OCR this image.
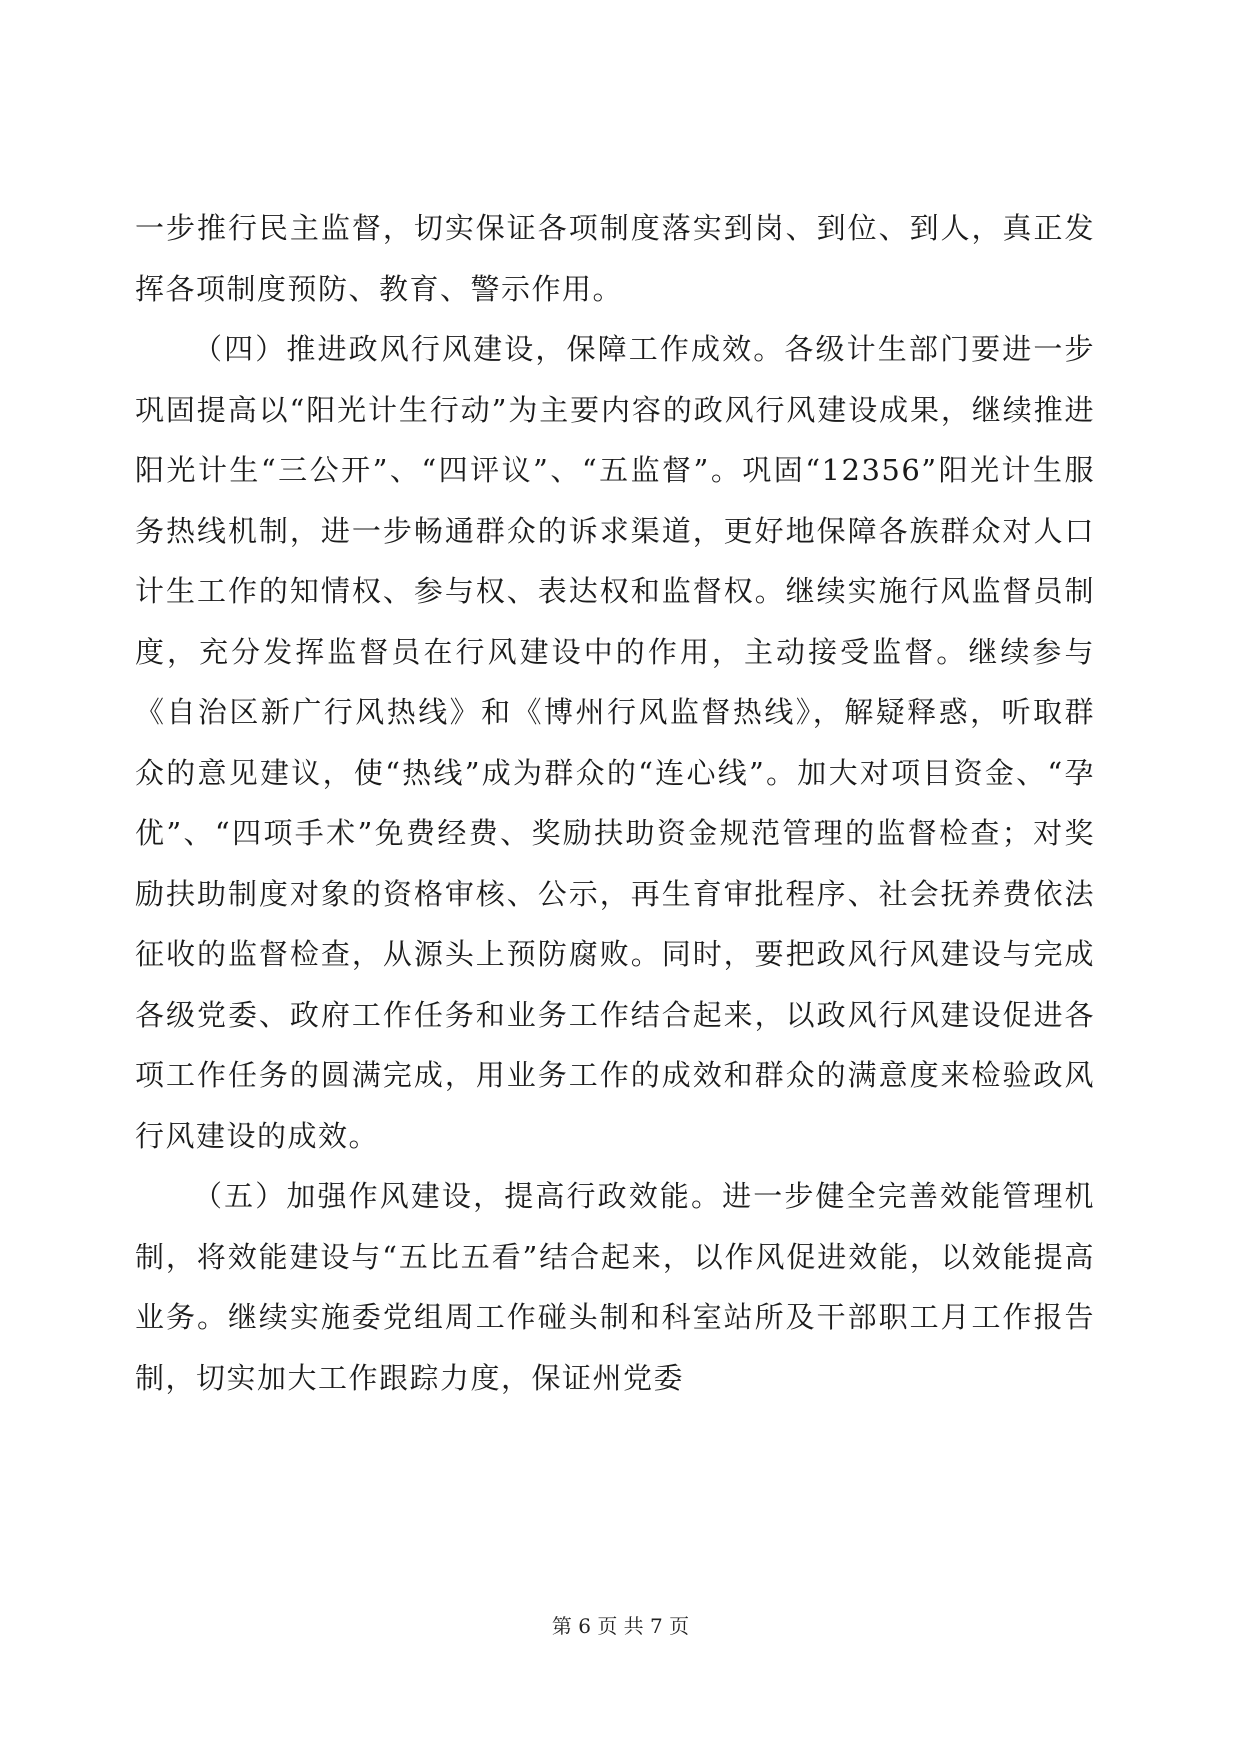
一步推行民主监督，切实保证各项制度落实到岗、到位、到人，真正发挥各项制度预防、教育、警示作用。

（四）推进政风行风建设，保障工作成效。各级计生部门要进一步巩固提高以“阳光计生行动”为主要内容的政风行风建设成果，继续推进阳光计生“三公开”、“四评议”、“五监督”。巩固“12356”阳光计生服务热线机制，进一步畅通群众的诉求渠道，更好地保障各族群众对人口计生工作的知情权、参与权、表达权和监督权。继续实施行风监督员制度，充分发挥监督员在行风建设中的作用，主动接受监督。继续参与《自治区新广行风热线》和《博州行风监督热线》，解疑释惑，听取群众的意见建议，使“热线”成为群众的“连心线”。加大对项目资金、“孕优”、“四项手术”免费经费、奖励扶助资金规范管理的监督检查；对奖励扶助制度对象的资格审核、公示，再生育审批程序、社会抚养费依法征收的监督检查，从源头上预防腐败。同时，要把政风行风建设与完成各级党委、政府工作任务和业务工作结合起来，以政风行风建设促进各项工作任务的圆满完成，用业务工作的成效和群众的满意度来检验政风行风建设的成效。

（五）加强作风建设，提高行政效能。进一步健全完善效能管理机制，将效能建设与“五比五看”结合起来，以作风促进效能，以效能提高业务。继续实施委党组周工作碰头制和科室站所及干部职工月工作报告制，切实加大工作跟踪力度，保证州党委

第 6 页 共 7 页
